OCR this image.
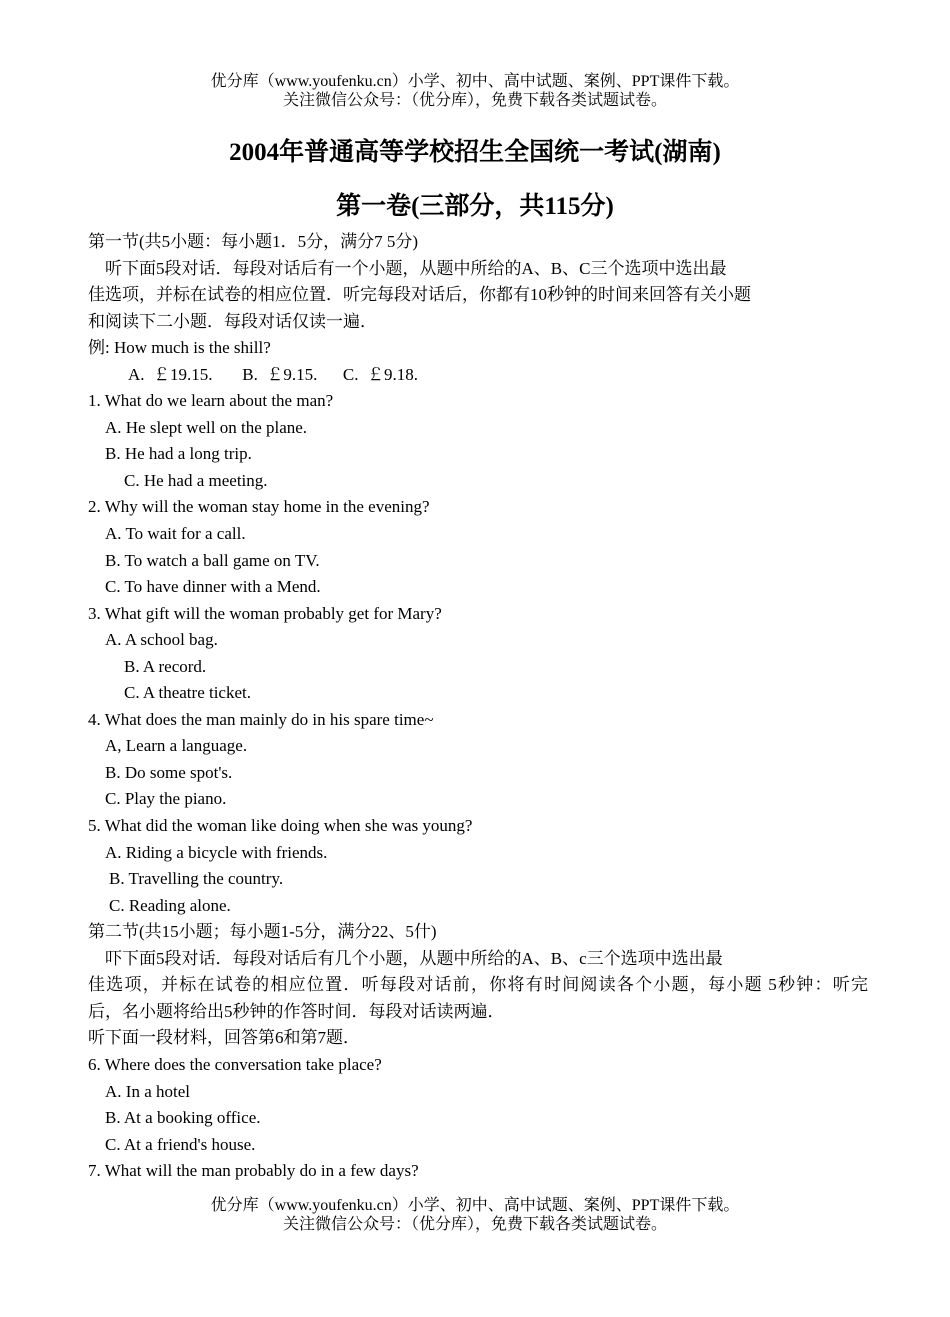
优分库（www.youfenku.cn）小学、初中、高中试题、案例、PPT课件下载。
关注微信公众号：（优分库），免费下载各类试题试卷。
2004年普通高等学校招生全国统一考试(湖南)
第一卷(三部分，共115分)
第一节(共5小题：每小题1．5分，满分7 5分)
听下面5段对话．每段对话后有一个小题，从题中所给的A、B、C三个选项中选出最
佳选项，并标在试卷的相应位置．听完每段对话后，你都有10秒钟的时间来回答有关小题
和阅读下二小题．每段对话仅读一遍．
例: How much is the shill?
A.  ￡19.15.       B.  ￡9.15.      C.  ￡9.18.
1. What do we learn about the man?
A. He slept well on the plane.
B. He had a long trip.
C. He had a meeting.
2. Why will the woman stay home in the evening?
A. To wait for a call.
B. To watch a ball game on TV.
C. To have dinner with a Mend.
3. What gift will the woman probably get for Mary?
A. A school bag.
B. A record.
C. A theatre ticket.
4. What does the man mainly do in his spare time~
A, Learn a language.
B. Do some spot's.
C. Play the piano.
5. What did the woman like doing when she was young?
A. Riding a bicycle with friends.
B. Travelling the country.
C. Reading alone.
第二节(共15小题；每小题1-5分，满分22、5什)
吓下面5段对话．每段对话后有几个小题，从题中所给的A、B、c三个选项中选出最
佳选项，并标在试卷的相应位置．听每段对话前，你将有时间阅读各个小题，每小题 5秒钟：听完
后，名小题将给出5秒钟的作答时间．每段对话读两遍．
听下面一段材料，回答第6和第7题．
6. Where does the conversation take place?
A. In a hotel
B. At a booking office.
C. At a friend's house.
7. What will the man probably do in a few days?
优分库（www.youfenku.cn）小学、初中、高中试题、案例、PPT课件下载。
关注微信公众号：（优分库），免费下载各类试题试卷。
